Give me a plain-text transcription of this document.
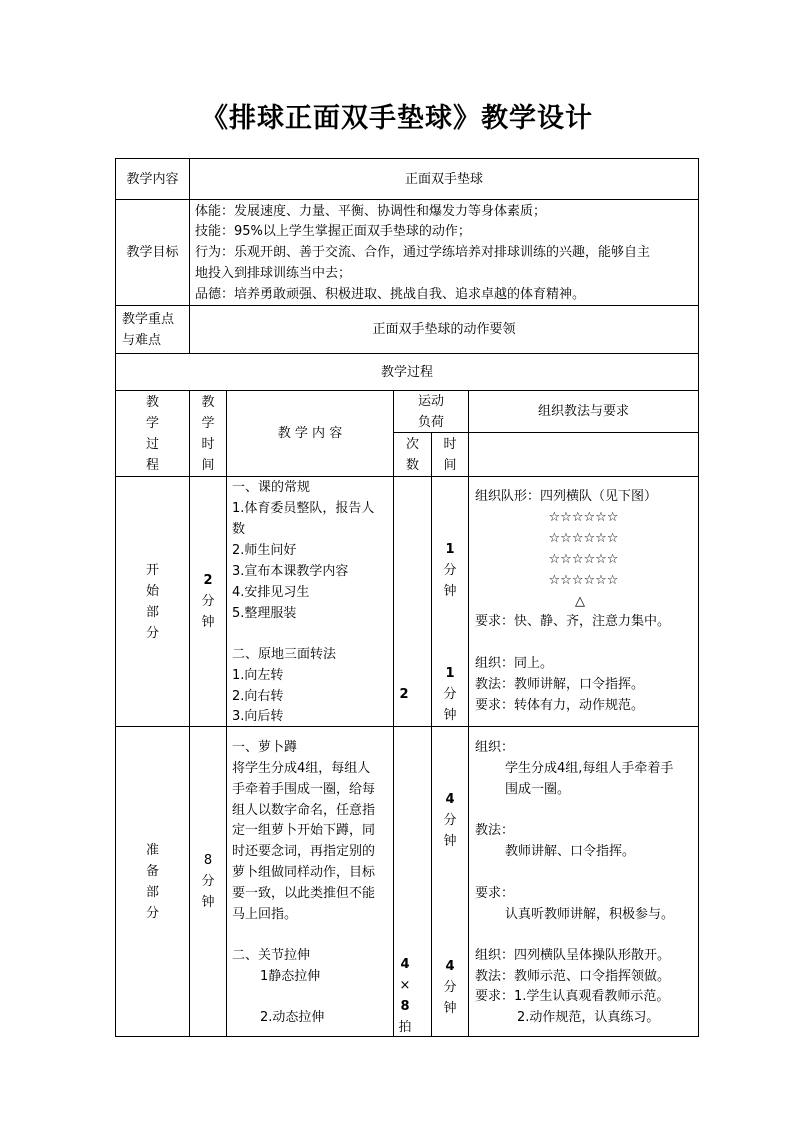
《排球正面双手垫球》教学设计
教学内容	正面双手垫球
教学目标
体能：发展速度、力量、平衡、协调性和爆发力等身体素质；
技能：95%以上学生掌握正面双手垫球的动作；
行为：乐观开朗、善于交流、合作，通过学练培养对排球训练的兴趣，能够自主
地投入到排球训练当中去；
品德：培养勇敢顽强、积极进取、挑战自我、追求卓越的体育精神。
教学重点
与难点
正面双手垫球的动作要领
教学过程
教
学
过
程
教
学
时
间
教 学 内 容
运动
负荷
次
数
时
间
组织教法与要求
开
始
部
分
2
分
钟
一、课的常规
1.体育委员整队，报告人
数
2.师生问好
3.宣布本课教学内容
4.安排见习生
5.整理服装
二、原地三面转法
1.向左转
2.向右转
3.向后转
2
1
分
钟
1
分
钟
组织队形：四列横队（见下图）
☆☆☆☆☆☆
☆☆☆☆☆☆
☆☆☆☆☆☆
☆☆☆☆☆☆
△
要求：快、静、齐，注意力集中。
组织：同上。
教法：教师讲解，口令指挥。
要求：转体有力，动作规范。
准
备
部
分
8
分
钟
一、萝卜蹲
将学生分成4组，每组人
手牵着手围成一圈，给每
组人以数字命名，任意指
定一组萝卜开始下蹲，同
时还要念词，再指定别的
萝卜组做同样动作，目标
要一致，以此类推但不能
马上回指。
二、关节拉伸
1静态拉伸
2.动态拉伸
4
×
8
拍
4
分
钟
4
分
钟
组织：
学生分成4组,每组人手牵着手
围成一圈。
教法：
教师讲解、口令指挥。
要求：
认真听教师讲解，积极参与。
组织：四列横队呈体操队形散开。
教法：教师示范、口令指挥领做。
要求：1.学生认真观看教师示范。
2.动作规范，认真练习。
